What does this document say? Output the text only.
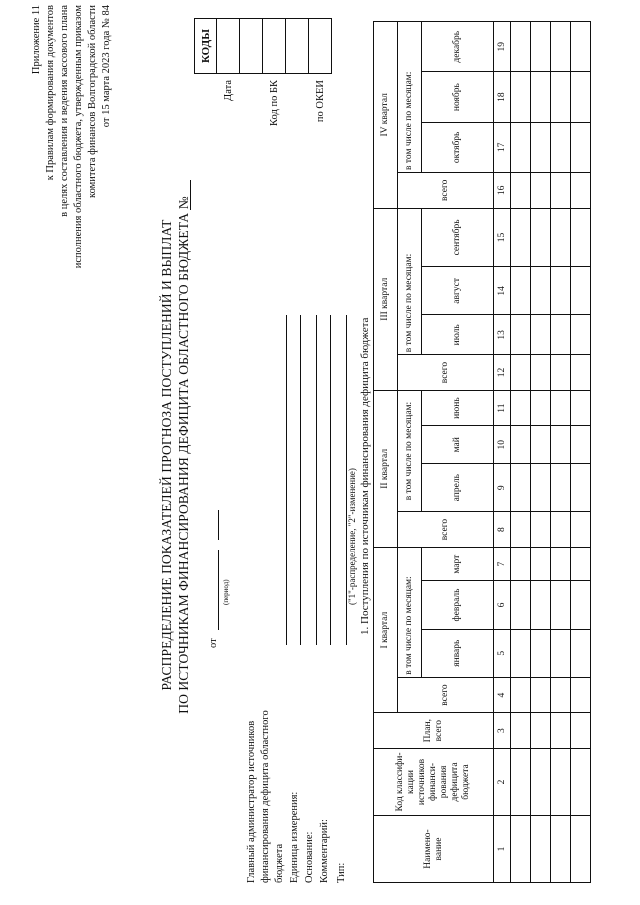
Приложение 11 к Правилам формирования документов в целях составления и ведения кассового плана исполнения областного бюджета, утвержденным приказом комитета финансов Волгоградской области от 15 марта 2023 года № 84
РАСПРЕДЕЛЕНИЕ ПОКАЗАТЕЛЕЙ ПРОГНОЗА ПОСТУПЛЕНИЙ И ВЫПЛАТ ПО ИСТОЧНИКАМ ФИНАНСИРОВАНИЯ ДЕФИЦИТА ОБЛАСТНОГО БЮДЖЕТА № от
(период)
	КОДЫ
Дата	

Код по БК	

по ОКЕИ	
Главный администратор источников финансирования дефицита областного бюджета Единица измерения: Основание: Комментарий: Тип:
("1"-распределение, "2"-изменение) 1. Поступления по источникам финансирования дефицита бюджета
Наимено-вание	Код классифи-кации источников финанси-рования дефицита бюджета	План, всего	I квартал				II квартал				III квартал				IV квартал			
			всего	в том числе по месяцам:			всего	в том числе по месяцам:			всего	в том числе по месяцам:			всего	в том числе по месяцам:		
				январь	февраль	март		апрель	май	июнь		июль	август	сентябрь		октябрь	ноябрь	декабрь
1	2	3	4	5	6	7	8	9	10	11	12	13	14	15	16	17	18	19
